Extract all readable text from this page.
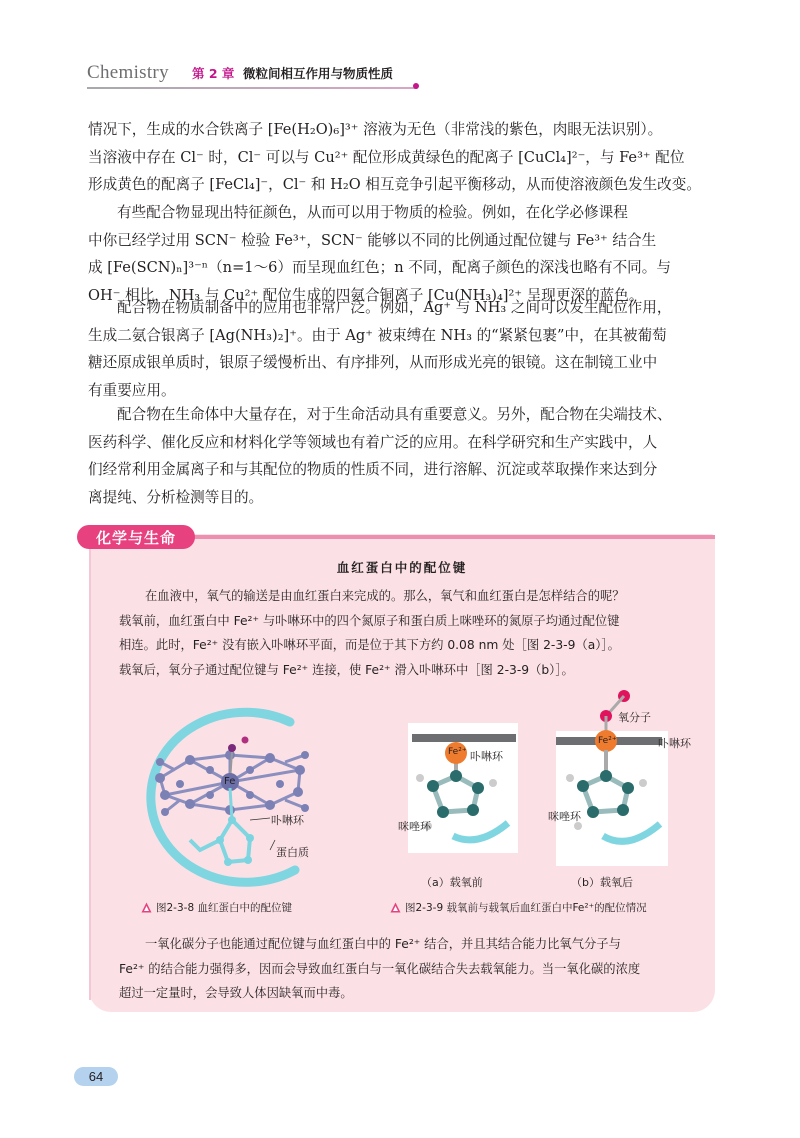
Chemistry 第 2 章 微粒间相互作用与物质性质

情况下，生成的水合铁离子 [Fe(H₂O)₆]³⁺ 溶液为无色（非常浅的紫色，肉眼无法识别）。

当溶液中存在 Cl⁻ 时，Cl⁻ 可以与 Cu²⁺ 配位形成黄绿色的配离子 [CuCl₄]²⁻，与 Fe³⁺ 配位

形成黄色的配离子 [FeCl₄]⁻，Cl⁻ 和 H₂O 相互竞争引起平衡移动，从而使溶液颜色发生改变。

有些配合物显现出特征颜色，从而可以用于物质的检验。例如，在化学必修课程

中你已经学过用 SCN⁻ 检验 Fe³⁺，SCN⁻ 能够以不同的比例通过配位键与 Fe³⁺ 结合生

成 [Fe(SCN)ₙ]³⁻ⁿ（n=1～6）而呈现血红色；n 不同，配离子颜色的深浅也略有不同。与

OH⁻ 相比，NH₃ 与 Cu²⁺ 配位生成的四氨合铜离子 [Cu(NH₃)₄]²⁺ 呈现更深的蓝色。

配合物在物质制备中的应用也非常广泛。例如，Ag⁺ 与 NH₃ 之间可以发生配位作用，

生成二氨合银离子 [Ag(NH₃)₂]⁺。由于 Ag⁺ 被束缚在 NH₃ 的“紧紧包裹”中，在其被葡萄

糖还原成银单质时，银原子缓慢析出、有序排列，从而形成光亮的银镜。这在制镜工业中

有重要应用。

配合物在生命体中大量存在，对于生命活动具有重要意义。另外，配合物在尖端技术、

医药科学、催化反应和材料化学等领域也有着广泛的应用。在科学研究和生产实践中，人

们经常利用金属离子和与其配位的物质的性质不同，进行溶解、沉淀或萃取操作来达到分

离提纯、分析检测等目的。

化学与生命
血红蛋白中的配位键

在血液中，氧气的输送是由血红蛋白来完成的。那么，氧气和血红蛋白是怎样结合的呢？

载氧前，血红蛋白中 Fe²⁺ 与卟啉环中的四个氮原子和蛋白质上咪唑环的氮原子均通过配位键

相连。此时，Fe²⁺ 没有嵌入卟啉环平面，而是位于其下方约 0.08 nm 处［图 2-3-9（a）］。

载氧后，氧分子通过配位键与 Fe²⁺ 连接，使 Fe²⁺ 滑入卟啉环中［图 2-3-9（b）］。

Fe
卟啉环
蛋白质
图2-3-8 血红蛋白中的配位键
Fe²⁺ 卟啉环
咪唑环
（a）载氧前
Fe²⁺
氧分子
卟啉环
咪唑环
（b）载氧后
图2-3-9 载氧前与载氧后血红蛋白中Fe²⁺的配位情况

一氧化碳分子也能通过配位键与血红蛋白中的 Fe²⁺ 结合，并且其结合能力比氧气分子与

Fe²⁺ 的结合能力强得多，因而会导致血红蛋白与一氧化碳结合失去载氧能力。当一氧化碳的浓度

超过一定量时，会导致人体因缺氧而中毒。

64
